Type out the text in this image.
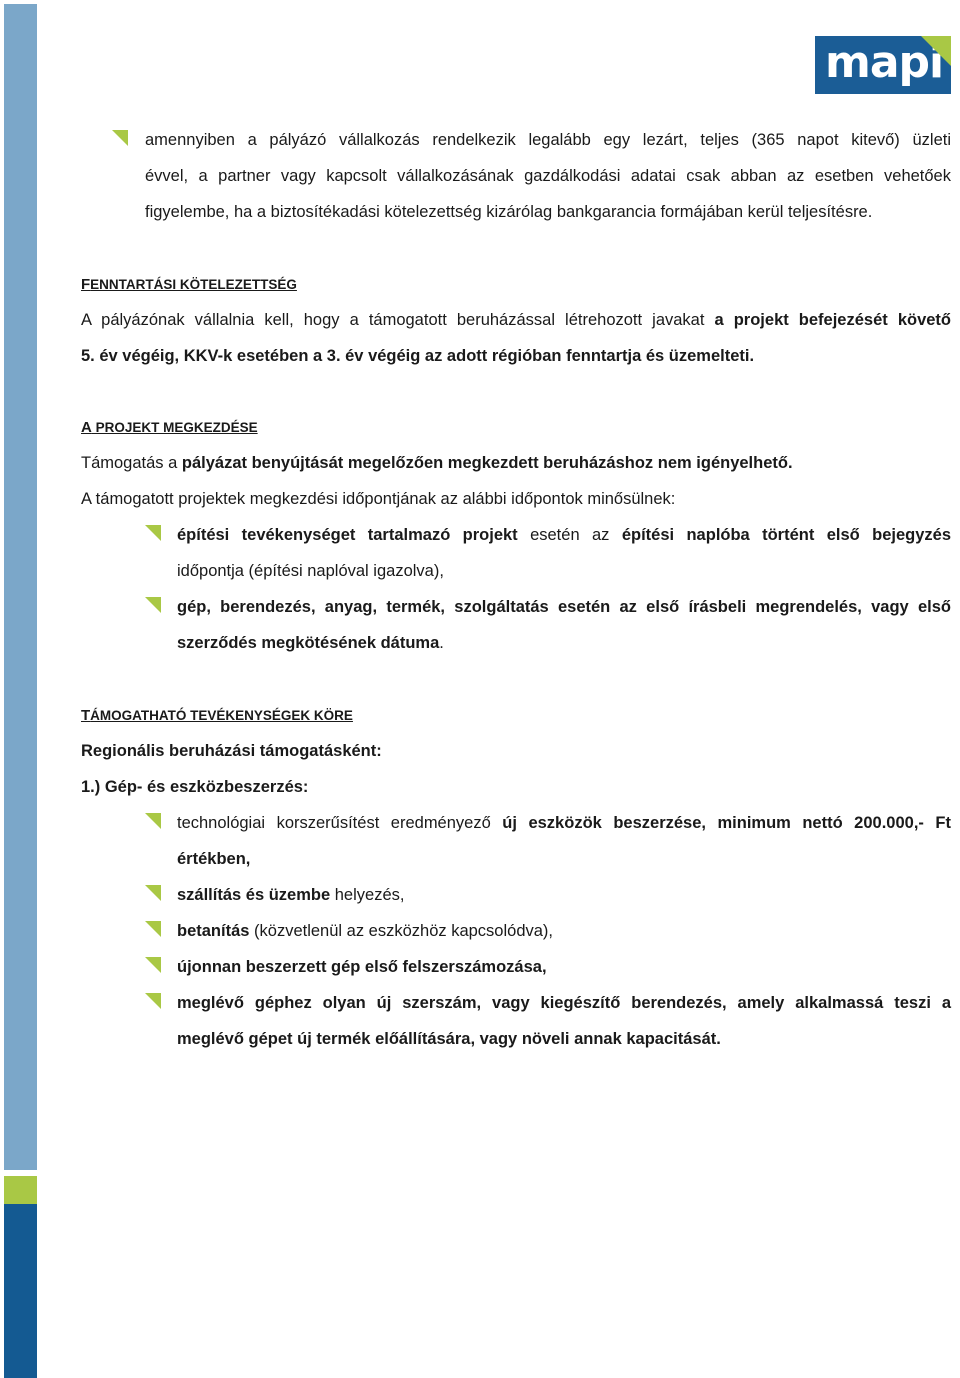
mapi
amennyiben a pályázó vállalkozás rendelkezik legalább egy lezárt, teljes (365 napot kitevő) üzleti
évvel, a partner vagy kapcsolt vállalkozásának gazdálkodási adatai csak abban az esetben vehetőek
figyelembe, ha a biztosítékadási kötelezettség kizárólag bankgarancia formájában kerül teljesítésre.
FENNTARTÁSI KÖTELEZETTSÉG
A pályázónak vállalnia kell, hogy a támogatott beruházással létrehozott javakat a projekt befejezését követő
5. év végéig, KKV-k esetében a 3. év végéig az adott régióban fenntartja és üzemelteti.
A PROJEKT MEGKEZDÉSE
Támogatás a pályázat benyújtását megelőzően megkezdett beruházáshoz nem igényelhető.
A támogatott projektek megkezdési időpontjának az alábbi időpontok minősülnek:
építési tevékenységet tartalmazó projekt esetén az építési naplóba történt első bejegyzés
időpontja (építési naplóval igazolva),
gép, berendezés, anyag, termék, szolgáltatás esetén az első írásbeli megrendelés, vagy első
szerződés megkötésének dátuma.
TÁMOGATHATÓ TEVÉKENYSÉGEK KÖRE
Regionális beruházási támogatásként:
1.) Gép- és eszközbeszerzés:
technológiai korszerűsítést eredményező új eszközök beszerzése, minimum nettó 200.000,- Ft
értékben,
szállítás és üzembe helyezés,
betanítás (közvetlenül az eszközhöz kapcsolódva),
újonnan beszerzett gép első felszerszámozása,
meglévő géphez olyan új szerszám, vagy kiegészítő berendezés, amely alkalmassá teszi a
meglévő gépet új termék előállítására, vagy növeli annak kapacitását.
